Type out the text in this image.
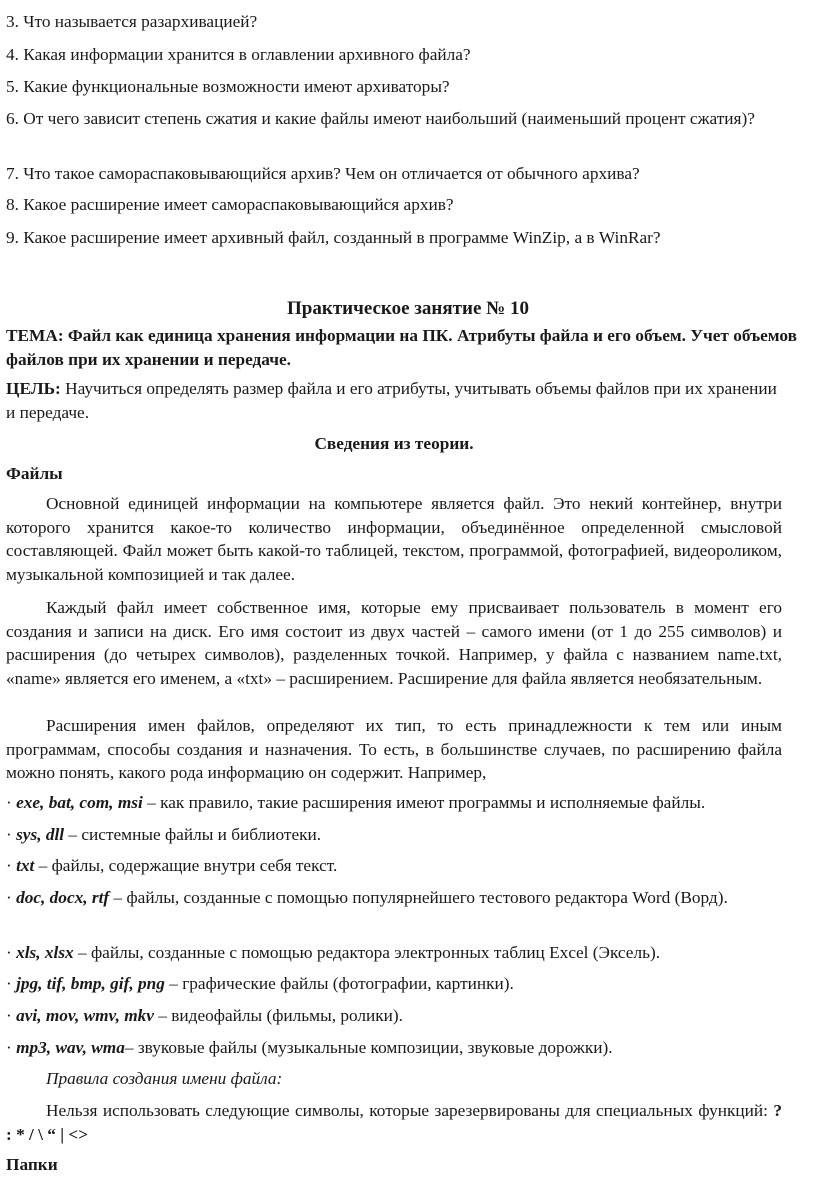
3. Что называется разархивацией?

4. Какая информации хранится в оглавлении архивного файла?

5. Какие функциональные возможности имеют архиваторы?

6. От чего зависит степень сжатия и какие файлы имеют наибольший (наименьший процент сжатия)?

7. Что такое самораспаковывающийся архив? Чем он отличается от обычного архива?

8. Какое расширение имеет самораспаковывающийся архив?

9. Какое расширение имеет архивный файл, созданный в программе WinZip, а в WinRar?

Практическое занятие № 10

ТЕМА: Файл как единица хранения информации на ПК. Атрибуты файла и его объем. Учет объемов файлов при их хранении и передаче.

ЦЕЛЬ: Научиться определять размер файла и его атрибуты, учитывать объемы файлов при их хранении и передаче.

Сведения из теории.

Файлы

Основной единицей информации на компьютере является файл. Это некий контейнер, внутри которого хранится какое-то количество информации, объединённое определенной смысловой составляющей. Файл может быть какой-то таблицей, текстом, программой, фотографией, видеороликом, музыкальной композицией и так далее.

Каждый файл имеет собственное имя, которые ему присваивает пользователь в момент его создания и записи на диск. Его имя состоит из двух частей – самого имени (от 1 до 255 символов) и расширения (до четырех символов), разделенных точкой. Например, у файла с названием name.txt, «name» является его именем, а «txt» – расширением. Расширение для файла является необязательным.

Расширения имен файлов, определяют их тип, то есть принадлежности к тем или иным программам, способы создания и назначения. То есть, в большинстве случаев, по расширению файла можно понять, какого рода информацию он содержит. Например,

· exe, bat, com, msi – как правило, такие расширения имеют программы и исполняемые файлы.

· sys, dll – системные файлы и библиотеки.

· txt – файлы, содержащие внутри себя текст.

· doc, docx, rtf – файлы, созданные с помощью популярнейшего тестового редактора Word (Ворд).

· xls, xlsx – файлы, созданные с помощью редактора электронных таблиц Excel (Эксель).

· jpg, tif, bmp, gif, png – графические файлы (фотографии, картинки).

· avi, mov, wmv, mkv – видеофайлы (фильмы, ролики).

· mp3, wav, wma– звуковые файлы (музыкальные композиции, звуковые дорожки).

Правила создания имени файла:

Нельзя использовать следующие символы, которые зарезервированы для специальных функций: ? : * / \ “ | <>

Папки
